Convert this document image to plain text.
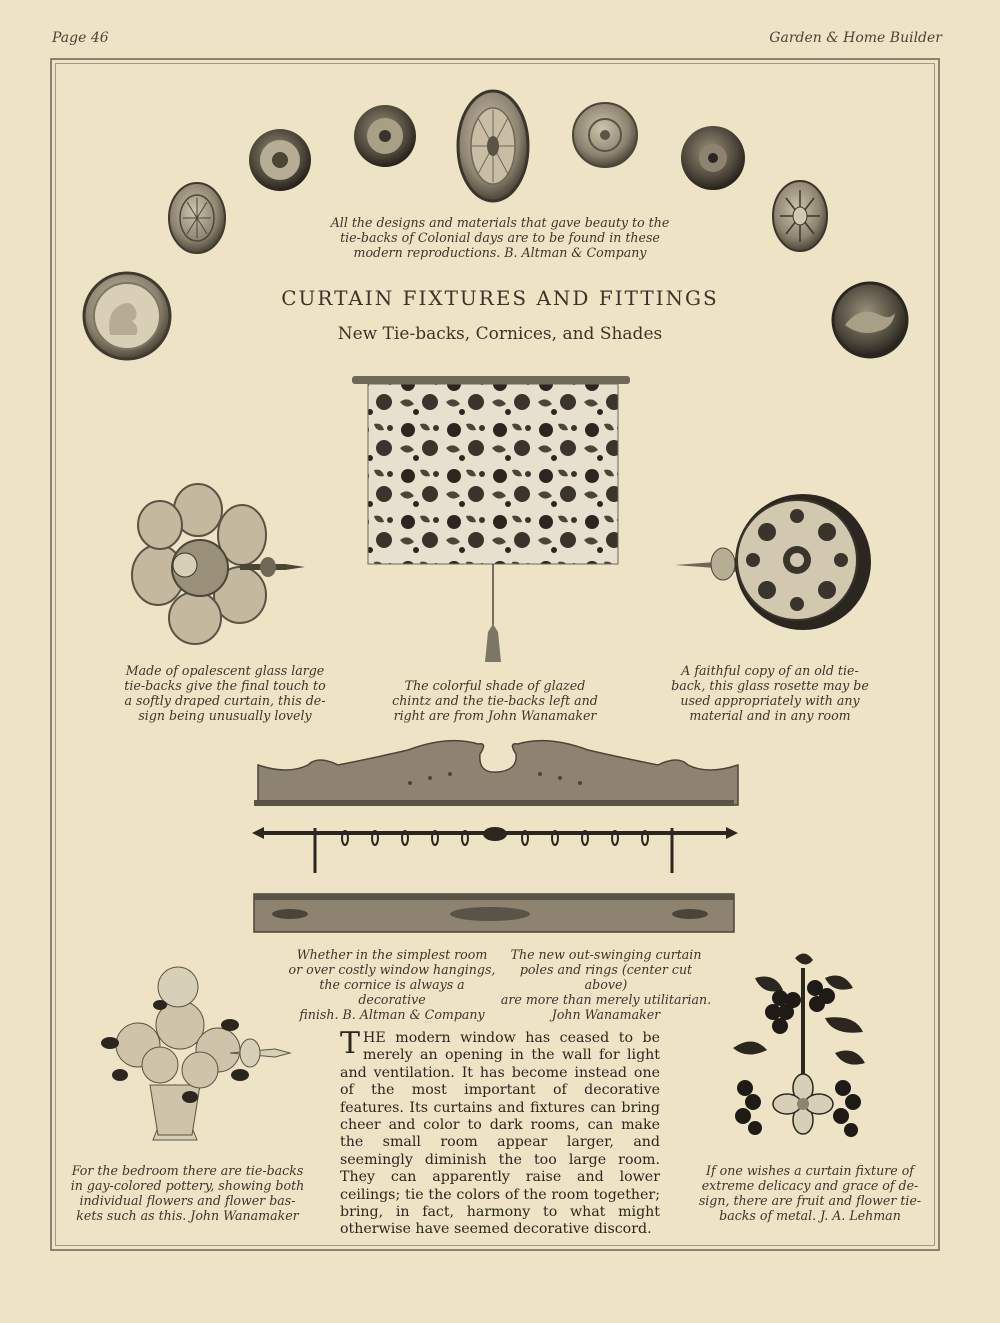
Page 46	Garden & Home Builder
All the designs and materials that gave beauty to the
tie-backs of Colonial days are to be found in these
modern reproductions. B. Altman & Company
CURTAIN FIXTURES AND FITTINGS
New Tie-backs, Cornices, and Shades
Made of opalescent glass large
tie-backs give the final touch to
a softly draped curtain, this de-
sign being unusually lovely
The colorful shade of glazed
chintz and the tie-backs left and
right are from John Wanamaker
A faithful copy of an old tie-
back, this glass rosette may be
used appropriately with any
material and in any room
Whether in the simplest room
or over costly window hangings,
the cornice is always a decorative
finish. B. Altman & Company
The new out-swinging curtain
poles and rings (center cut above)
are more than merely utilitarian.
John Wanamaker
For the bedroom there are tie-backs
in gay-colored pottery, showing both
individual flowers and flower bas-
kets such as this. John Wanamaker
THE modern window has ceased to be merely an opening in the wall for light and ventilation. It has become instead one of the most important of decorative features. Its curtains and fixtures can bring cheer and color to dark rooms, can make the small room appear larger, and seemingly diminish the too large room. They can apparently raise and lower ceilings; tie the colors of the room together; bring, in fact, harmony to what might otherwise have seemed decorative discord.
If one wishes a curtain fixture of
extreme delicacy and grace of de-
sign, there are fruit and flower tie-
backs of metal. J. A. Lehman
